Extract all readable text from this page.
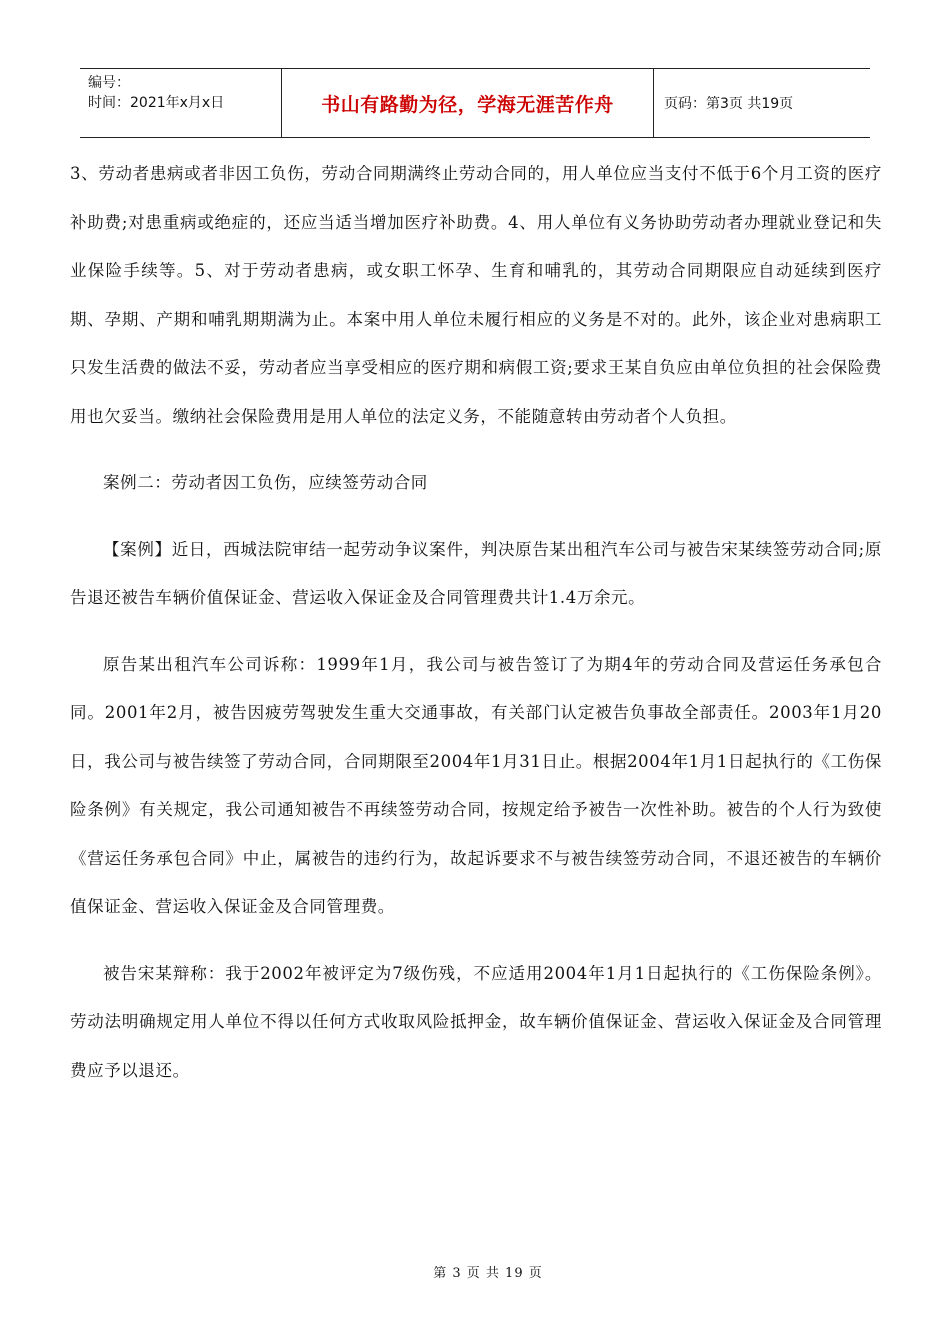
编号：
时间：2021年x月x日	书山有路勤为径，学海无涯苦作舟	页码：第3页 共19页

3、劳动者患病或者非因工负伤，劳动合同期满终止劳动合同的，用人单位应当支付不低于6个月工资的医疗补助费;对患重病或绝症的，还应当适当增加医疗补助费。4、用人单位有义务协助劳动者办理就业登记和失业保险手续等。5、对于劳动者患病，或女职工怀孕、生育和哺乳的，其劳动合同期限应自动延续到医疗期、孕期、产期和哺乳期期满为止。本案中用人单位未履行相应的义务是不对的。此外，该企业对患病职工只发生活费的做法不妥，劳动者应当享受相应的医疗期和病假工资;要求王某自负应由单位负担的社会保险费用也欠妥当。缴纳社会保险费用是用人单位的法定义务，不能随意转由劳动者个人负担。

案例二：劳动者因工负伤，应续签劳动合同

【案例】近日，西城法院审结一起劳动争议案件，判决原告某出租汽车公司与被告宋某续签劳动合同;原告退还被告车辆价值保证金、营运收入保证金及合同管理费共计1.4万余元。

原告某出租汽车公司诉称：1999年1月，我公司与被告签订了为期4年的劳动合同及营运任务承包合同。2001年2月，被告因疲劳驾驶发生重大交通事故，有关部门认定被告负事故全部责任。2003年1月20日，我公司与被告续签了劳动合同，合同期限至2004年1月31日止。根据2004年1月1日起执行的《工伤保险条例》有关规定，我公司通知被告不再续签劳动合同，按规定给予被告一次性补助。被告的个人行为致使《营运任务承包合同》中止，属被告的违约行为，故起诉要求不与被告续签劳动合同，不退还被告的车辆价值保证金、营运收入保证金及合同管理费。

被告宋某辩称：我于2002年被评定为7级伤残，不应适用2004年1月1日起执行的《工伤保险条例》。劳动法明确规定用人单位不得以任何方式收取风险抵押金，故车辆价值保证金、营运收入保证金及合同管理费应予以退还。

第 3 页 共 19 页
